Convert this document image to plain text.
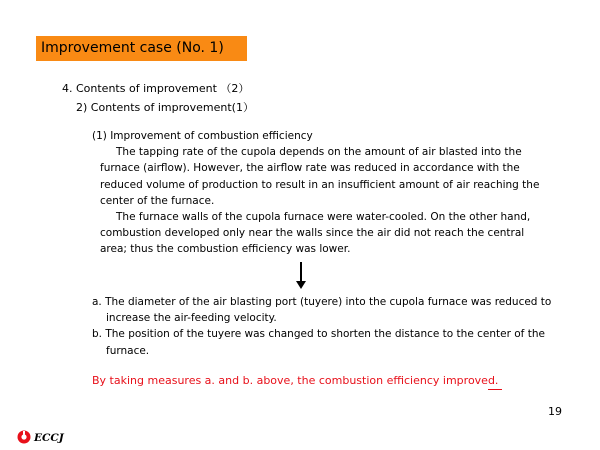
Improvement case (No. 1)
4. Contents of improvement （2）
2) Contents of improvement(1）
(1) Improvement of combustion efficiency

The tapping rate of the cupola depends on the amount of air blasted into the furnace (airflow). However, the airflow rate was reduced in accordance with the reduced volume of production to result in an insufficient amount of air reaching the center of the furnace.

The furnace walls of the cupola furnace were water-cooled. On the other hand, combustion developed only near the walls since the air did not reach the central area; thus the combustion efficiency was lower.

a. The diameter of the air blasting port (tuyere) into the cupola furnace was reduced to increase the air-feeding velocity.
b. The position of the tuyere was changed to shorten the distance to the center of the furnace.
By taking measures a. and b. above, the combustion efficiency improved.
19
ECCJ
